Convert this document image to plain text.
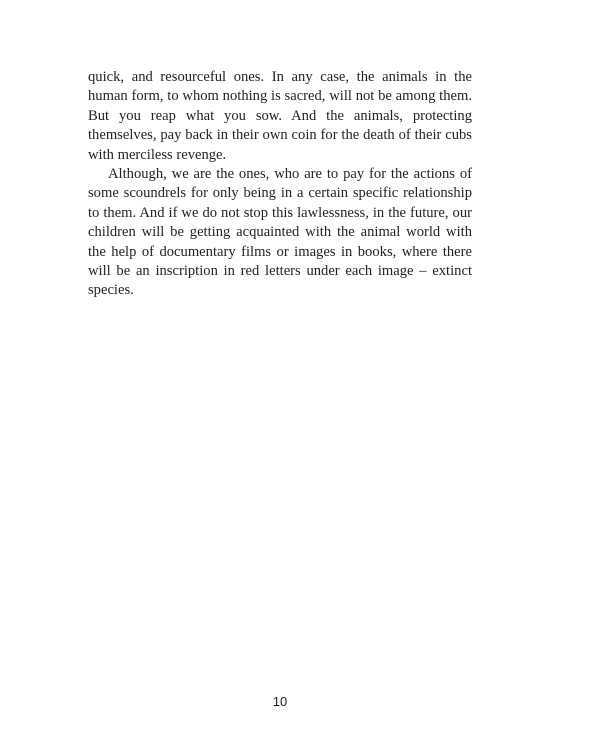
quick, and resourceful ones. In any case, the animals in the human form, to whom nothing is sacred, will not be among them. But you reap what you sow. And the animals, protecting themselves, pay back in their own coin for the death of their cubs with merciless revenge.

Although, we are the ones, who are to pay for the actions of some scoundrels for only being in a certain specific relationship to them. And if we do not stop this lawlessness, in the future, our children will be getting acquainted with the animal world with the help of documentary films or images in books, where there will be an inscription in red letters under each image – extinct species.

10
